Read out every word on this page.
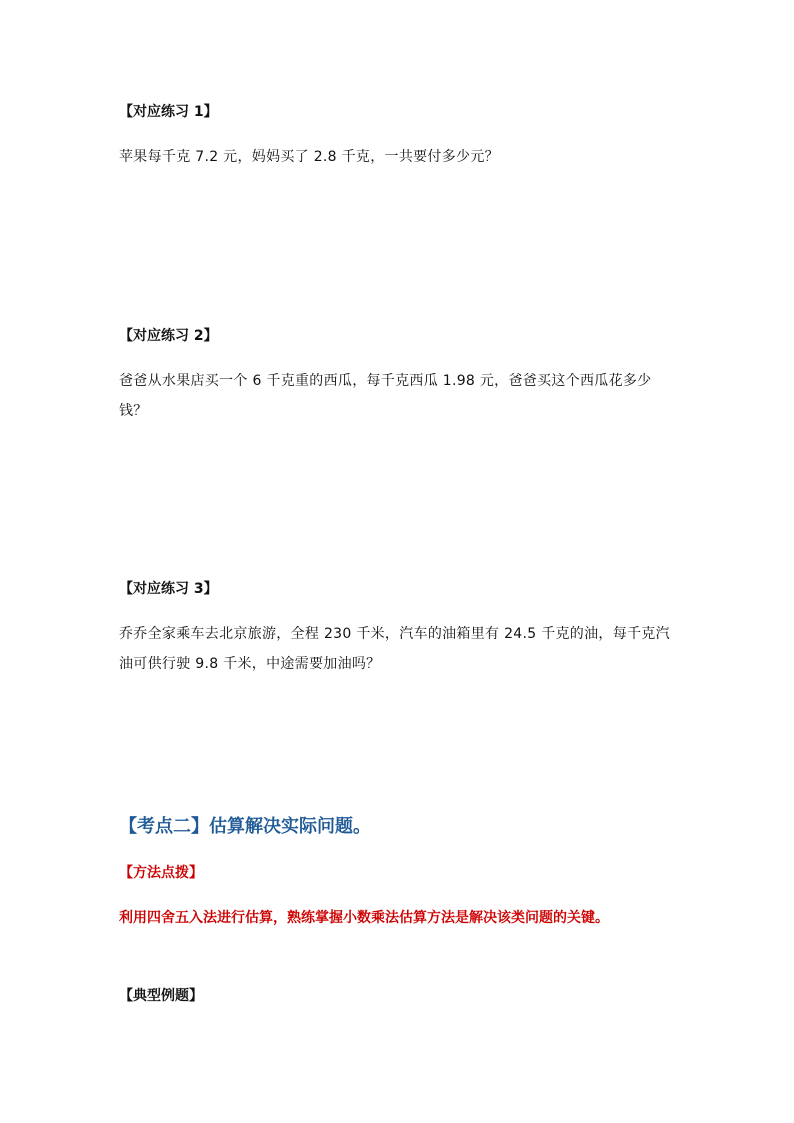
【对应练习 1】
苹果每千克 7.2 元，妈妈买了 2.8 千克，一共要付多少元？
【对应练习 2】
爸爸从水果店买一个 6 千克重的西瓜，每千克西瓜 1.98 元，爸爸买这个西瓜花多少钱？
【对应练习 3】
乔乔全家乘车去北京旅游，全程 230 千米，汽车的油箱里有 24.5 千克的油，每千克汽油可供行驶 9.8 千米，中途需要加油吗？
【考点二】估算解决实际问题。
【方法点拨】
利用四舍五入法进行估算，熟练掌握小数乘法估算方法是解决该类问题的关键。
【典型例题】
